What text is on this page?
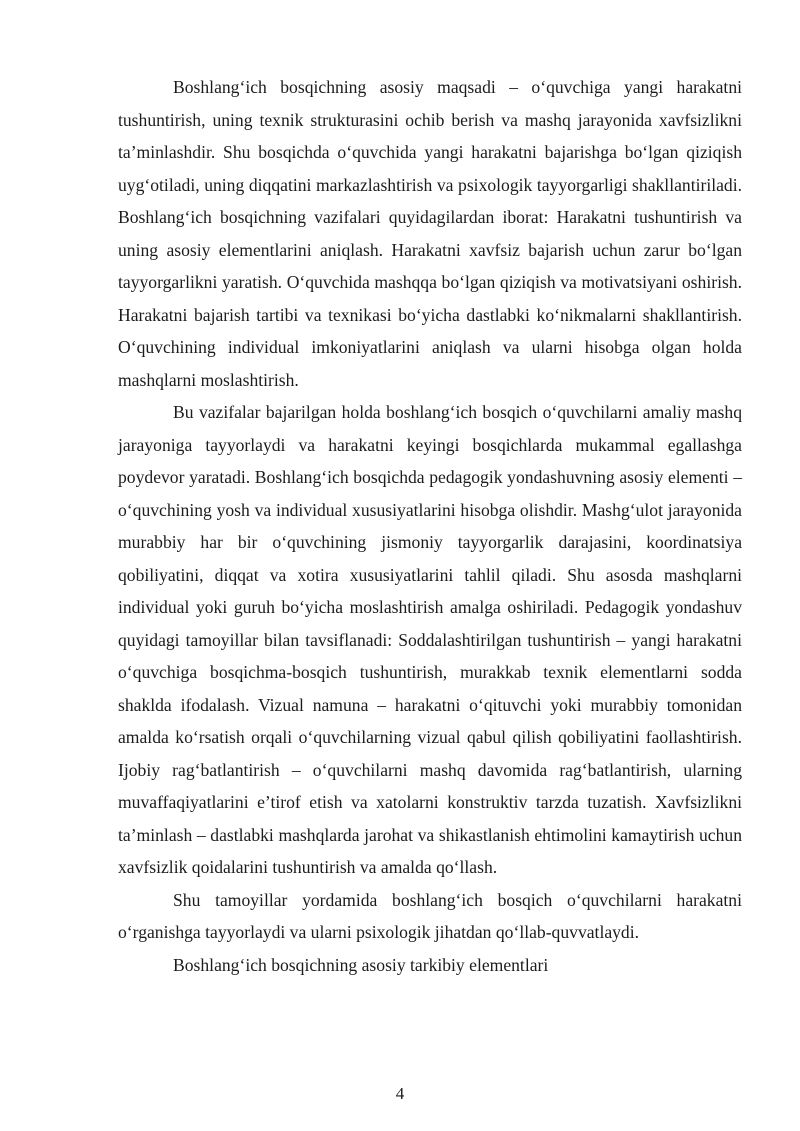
Boshlang‘ich bosqichning asosiy maqsadi – o‘quvchiga yangi harakatni tushuntirish, uning texnik strukturasini ochib berish va mashq jarayonida xavfsizlikni ta’minlashdir. Shu bosqichda o‘quvchida yangi harakatni bajarishga bo‘lgan qiziqish uyg‘otiladi, uning diqqatini markazlashtirish va psixologik tayyorgarligi shakllantiriladi. Boshlang‘ich bosqichning vazifalari quyidagilardan iborat: Harakatni tushuntirish va uning asosiy elementlarini aniqlash. Harakatni xavfsiz bajarish uchun zarur bo‘lgan tayyorgarlikni yaratish. O‘quvchida mashqqa bo‘lgan qiziqish va motivatsiyani oshirish. Harakatni bajarish tartibi va texnikasi bo‘yicha dastlabki ko‘nikmalarni shakllantirish. O‘quvchining individual imkoniyatlarini aniqlash va ularni hisobga olgan holda mashqlarni moslashtirish.

Bu vazifalar bajarilgan holda boshlang‘ich bosqich o‘quvchilarni amaliy mashq jarayoniga tayyorlaydi va harakatni keyingi bosqichlarda mukammal egallashga poydevor yaratadi. Boshlang‘ich bosqichda pedagogik yondashuvning asosiy elementi – o‘quvchining yosh va individual xususiyatlarini hisobga olishdir. Mashg‘ulot jarayonida murabbiy har bir o‘quvchining jismoniy tayyorgarlik darajasini, koordinatsiya qobiliyatini, diqqat va xotira xususiyatlarini tahlil qiladi. Shu asosda mashqlarni individual yoki guruh bo‘yicha moslashtirish amalga oshiriladi. Pedagogik yondashuv quyidagi tamoyillar bilan tavsiflanadi: Soddalashtirilgan tushuntirish – yangi harakatni o‘quvchiga bosqichma-bosqich tushuntirish, murakkab texnik elementlarni sodda shaklda ifodalash. Vizual namuna – harakatni o‘qituvchi yoki murabbiy tomonidan amalda ko‘rsatish orqali o‘quvchilarning vizual qabul qilish qobiliyatini faollashtirish. Ijobiy rag‘batlantirish – o‘quvchilarni mashq davomida rag‘batlantirish, ularning muvaffaqiyatlarini e’tirof etish va xatolarni konstruktiv tarzda tuzatish. Xavfsizlikni ta’minlash – dastlabki mashqlarda jarohat va shikastlanish ehtimolini kamaytirish uchun xavfsizlik qoidalarini tushuntirish va amalda qo‘llash.

Shu tamoyillar yordamida boshlang‘ich bosqich o‘quvchilarni harakatni o‘rganishga tayyorlaydi va ularni psixologik jihatdan qo‘llab-quvvatlaydi.

Boshlang‘ich bosqichning asosiy tarkibiy elementlari

4
